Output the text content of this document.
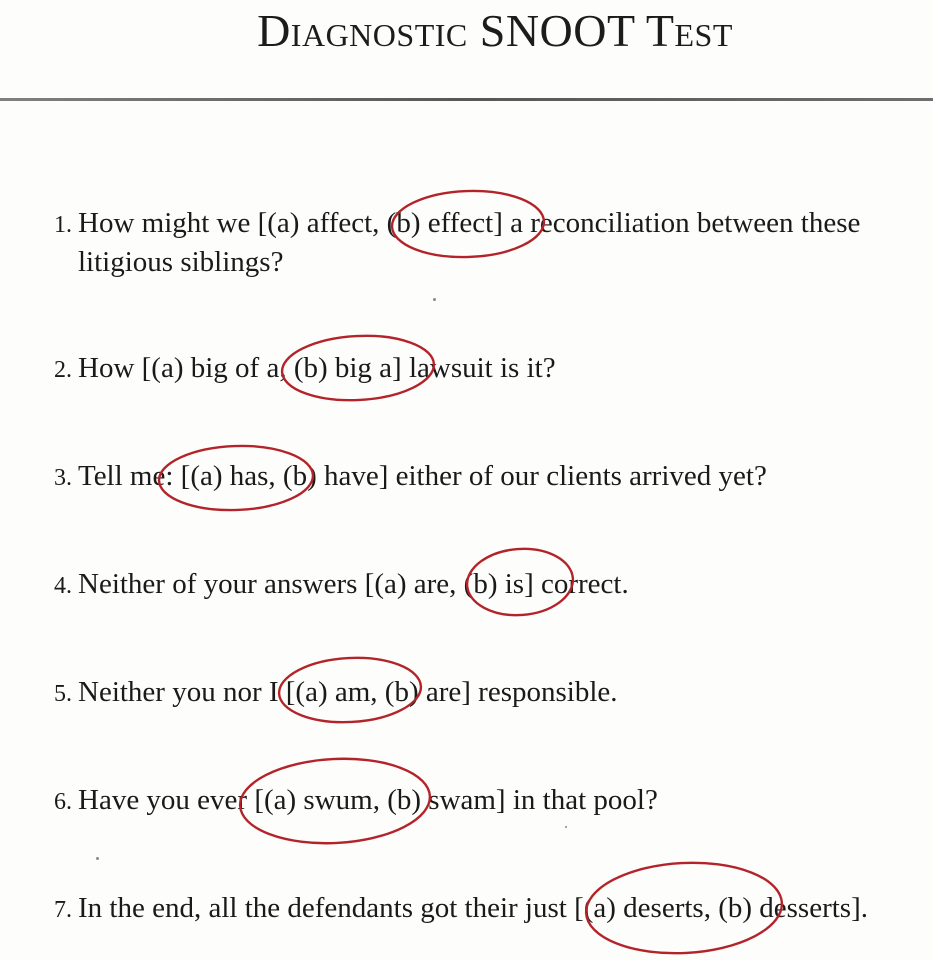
Diagnostic SNOOT Test
1. How might we [(a) affect, (b) effect] a reconciliation between these
litigious siblings?
2. How [(a) big of a, (b) big a] lawsuit is it?
3. Tell me: [(a) has, (b) have] either of our clients arrived yet?
4. Neither of your answers [(a) are, (b) is] correct.
5. Neither you nor I [(a) am, (b) are] responsible.
6. Have you ever [(a) swum, (b) swam] in that pool?
7. In the end, all the defendants got their just [(a) deserts, (b) desserts].
